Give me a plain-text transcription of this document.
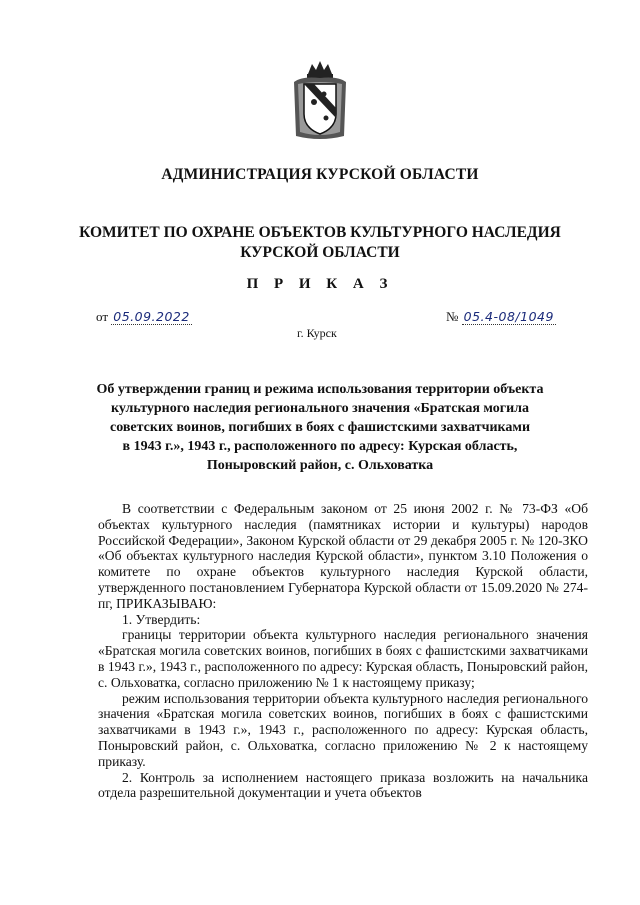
АДМИНИСТРАЦИЯ КУРСКОЙ ОБЛАСТИ
КОМИТЕТ ПО ОХРАНЕ ОБЪЕКТОВ КУЛЬТУРНОГО НАСЛЕДИЯ
КУРСКОЙ ОБЛАСТИ
П Р И К А З
от 05.09.2022	№ 05.4-08/1049
г. Курск
Об утверждении границ и режима использования территории объекта
культурного наследия регионального значения «Братская могила
советских воинов, погибших в боях с фашистскими захватчиками
в 1943 г.», 1943 г., расположенного по адресу: Курская область,
Поныровский район, с. Ольховатка

В соответствии с Федеральным законом от 25 июня 2002 г. № 73-ФЗ «Об объектах культурного наследия (памятниках истории и культуры) народов Российской Федерации», Законом Курской области от 29 декабря 2005 г. № 120-ЗКО «Об объектах культурного наследия Курской области», пунктом 3.10 Положения о комитете по охране объектов культурного наследия Курской области, утвержденного постановлением Губернатора Курской области от 15.09.2020 № 274-пг, ПРИКАЗЫВАЮ:

1. Утвердить:

границы территории объекта культурного наследия регионального значения «Братская могила советских воинов, погибших в боях с фашистскими захватчиками в 1943 г.», 1943 г., расположенного по адресу: Курская область, Поныровский район, с. Ольховатка, согласно приложению № 1 к настоящему приказу;

режим использования территории объекта культурного наследия регионального значения «Братская могила советских воинов, погибших в боях с фашистскими захватчиками в 1943 г.», 1943 г., расположенного по адресу: Курская область, Поныровский район, с. Ольховатка, согласно приложению № 2 к настоящему приказу.

2. Контроль за исполнением настоящего приказа возложить на начальника отдела разрешительной документации и учета объектов
